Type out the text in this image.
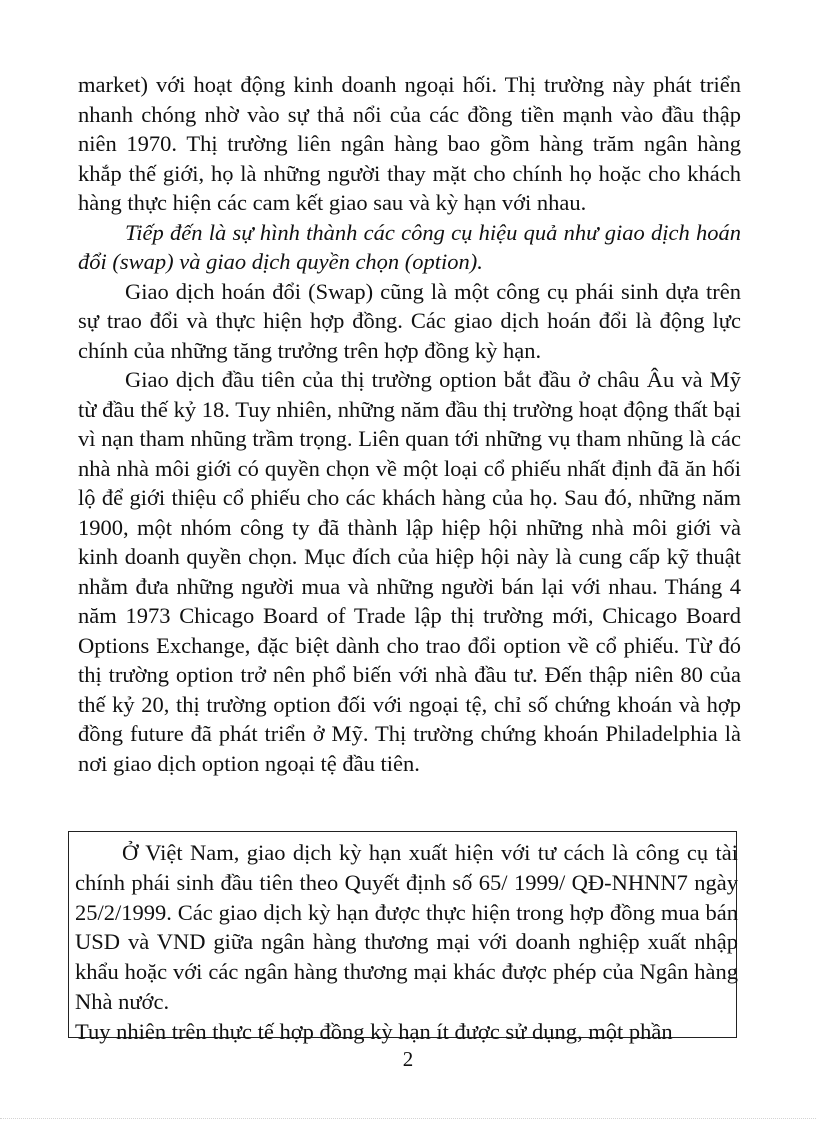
market) với hoạt động kinh doanh ngoại hối. Thị trường này phát triển nhanh chóng nhờ vào sự thả nổi của các đồng tiền mạnh vào đầu thập niên 1970. Thị trường liên ngân hàng bao gồm hàng trăm ngân hàng khắp thế giới, họ là những người thay mặt cho chính họ hoặc cho khách hàng thực hiện các cam kết giao sau và kỳ hạn với nhau.

Tiếp đến là sự hình thành các công cụ hiệu quả như giao dịch hoán đổi (swap) và giao dịch quyền chọn (option).

Giao dịch hoán đổi (Swap) cũng là một công cụ phái sinh dựa trên sự trao đổi và thực hiện hợp đồng. Các giao dịch hoán đổi là động lực chính của những tăng trưởng trên hợp đồng kỳ hạn.

Giao dịch đầu tiên của thị trường option bắt đầu ở châu Âu và Mỹ từ đầu thế kỷ 18. Tuy nhiên, những năm đầu thị trường hoạt động thất bại vì nạn tham nhũng trầm trọng. Liên quan tới những vụ tham nhũng là các nhà nhà môi giới có quyền chọn về một loại cổ phiếu nhất định đã ăn hối lộ để giới thiệu cổ phiếu cho các khách hàng của họ. Sau đó, những năm 1900, một nhóm công ty đã thành lập hiệp hội những nhà môi giới và kinh doanh quyền chọn. Mục đích của hiệp hội này là cung cấp kỹ thuật nhằm đưa những người mua và những người bán lại với nhau. Tháng 4 năm 1973 Chicago Board of Trade lập thị trường mới, Chicago Board Options Exchange, đặc biệt dành cho trao đổi option về cổ phiếu. Từ đó thị trường option trở nên phổ biến với nhà đầu tư. Đến thập niên 80 của thế kỷ 20, thị trường option đối với ngoại tệ, chỉ số chứng khoán và hợp đồng future đã phát triển ở Mỹ. Thị trường chứng khoán Philadelphia là nơi giao dịch option ngoại tệ đầu tiên.

Ở Việt Nam, giao dịch kỳ hạn xuất hiện với tư cách là công cụ tài chính phái sinh đầu tiên theo Quyết định số 65/ 1999/ QĐ-NHNN7 ngày 25/2/1999. Các giao dịch kỳ hạn được thực hiện trong hợp đồng mua bán USD và VND giữa ngân hàng thương mại với doanh nghiệp xuất nhập khẩu hoặc với các ngân hàng thương mại khác được phép của Ngân hàng Nhà nước.

Tuy nhiên trên thực tế hợp đồng kỳ hạn ít được sử dụng, một phần

2
